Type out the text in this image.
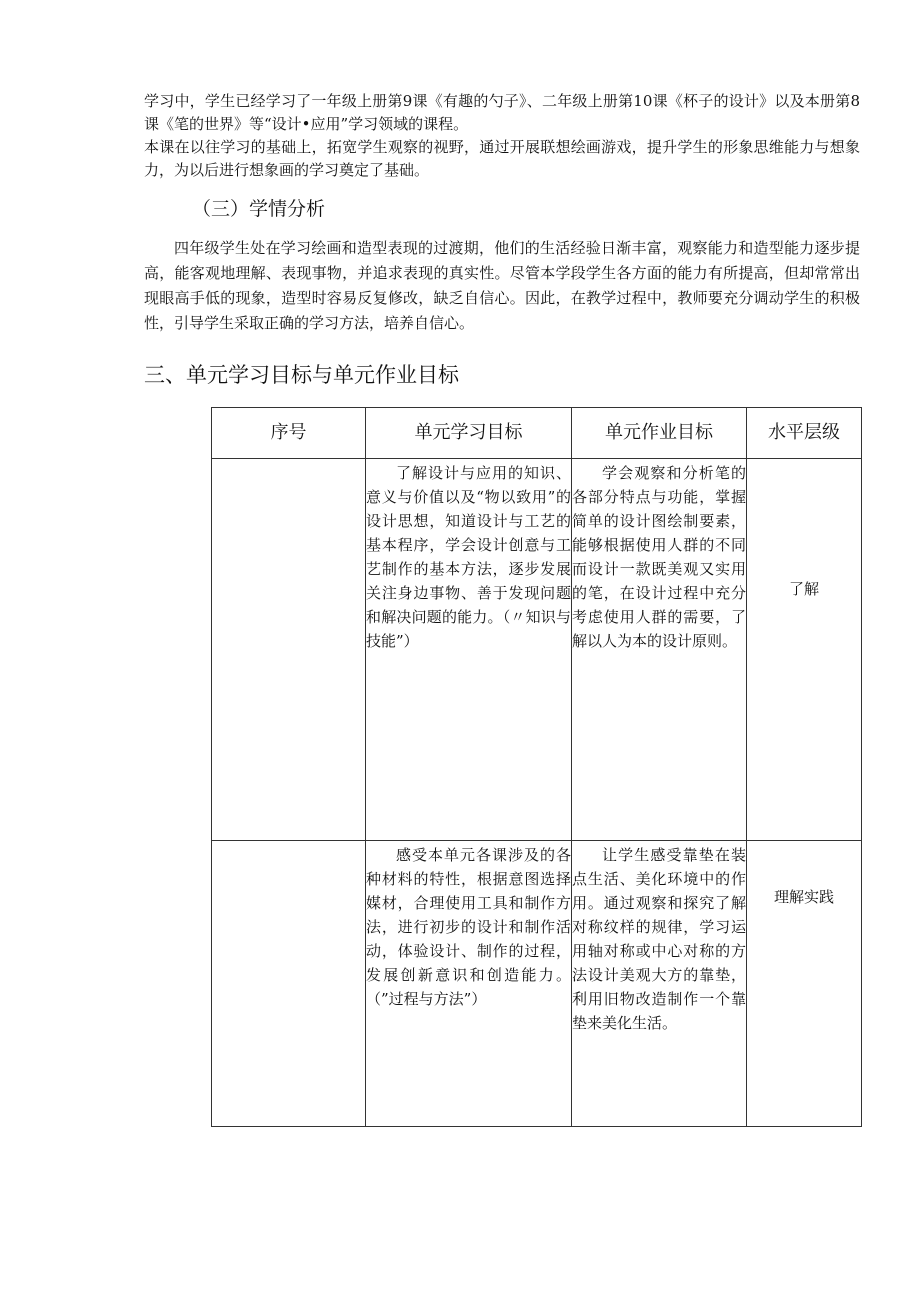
学习中，学生已经学习了一年级上册第9课《有趣的勺子》、二年级上册第10课《杯子的设计》以及本册第8课《笔的世界》等“设计•应用”学习领域的课程。

本课在以往学习的基础上，拓宽学生观察的视野，通过开展联想绘画游戏，提升学生的形象思维能力与想象力，为以后进行想象画的学习奠定了基础。

（三）学情分析

四年级学生处在学习绘画和造型表现的过渡期，他们的生活经验日渐丰富，观察能力和造型能力逐步提高，能客观地理解、表现事物，并追求表现的真实性。尽管本学段学生各方面的能力有所提高，但却常常出现眼高手低的现象，造型时容易反复修改，缺乏自信心。因此，在教学过程中，教师要充分调动学生的积极性，引导学生采取正确的学习方法，培养自信心。

三、单元学习目标与单元作业目标
序号	单元学习目标	单元作业目标	水平层级
	了解设计与应用的知识、意义与价值以及“物以致用”的设计思想，知道设计与工艺的基本程序，学会设计创意与工艺制作的基本方法，逐步发展关注身边事物、善于发现问题和解决问题的能力。（〃知识与技能”）	学会观察和分析笔的各部分特点与功能，掌握简单的设计图绘制要素，能够根据使用人群的不同而设计一款既美观又实用的笔，在设计过程中充分考虑使用人群的需要，了解以人为本的设计原则。	了解
	感受本单元各课涉及的各种材料的特性，根据意图选择媒材，合理使用工具和制作方法，进行初步的设计和制作活动，体验设计、制作的过程，发展创新意识和创造能力。（”过程与方法”）	让学生感受靠垫在装点生活、美化环境中的作用。通过观察和探究了解对称纹样的规律，学习运用轴对称或中心对称的方法设计美观大方的靠垫，利用旧物改造制作一个靠垫来美化生活。	理解实践
